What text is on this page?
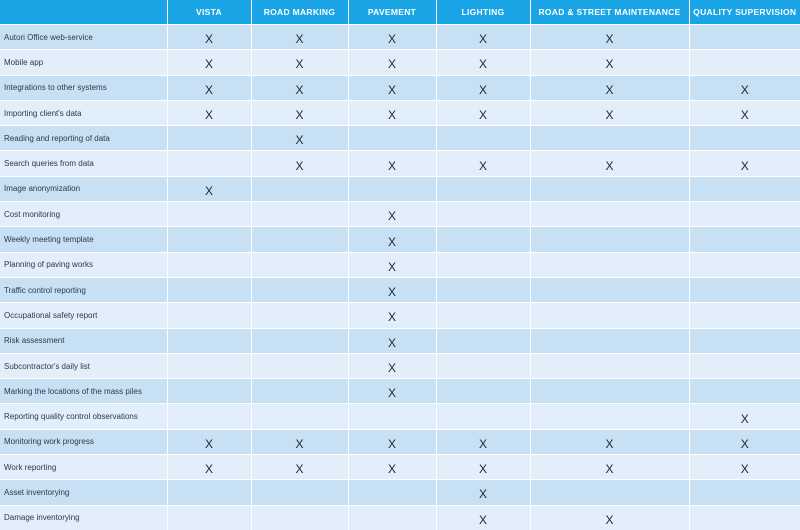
	VISTA	ROAD MARKING	PAVEMENT	LIGHTING	ROAD & STREET MAINTENANCE	QUALITY SUPERVISION
Autori Office web-service	X	X	X	X	X	
Mobile app	X	X	X	X	X	
Integrations to other systems	X	X	X	X	X	X
Importing client's data	X	X	X	X	X	X
Reading and reporting of data		X				
Search queries from data		X	X	X	X	X
Image anonymization	X					
Cost monitoring			X			
Weekly meeting template			X			
Planning of paving works			X			
Traffic control reporting			X			
Occupational safety report			X			
Risk assessment			X			
Subcontractor's daily list			X			
Marking the locations of the mass piles			X			
Reporting quality control observations						X
Monitoring work progress	X	X	X	X	X	X
Work reporting	X	X	X	X	X	X
Asset inventorying				X		
Damage inventorying				X	X	
